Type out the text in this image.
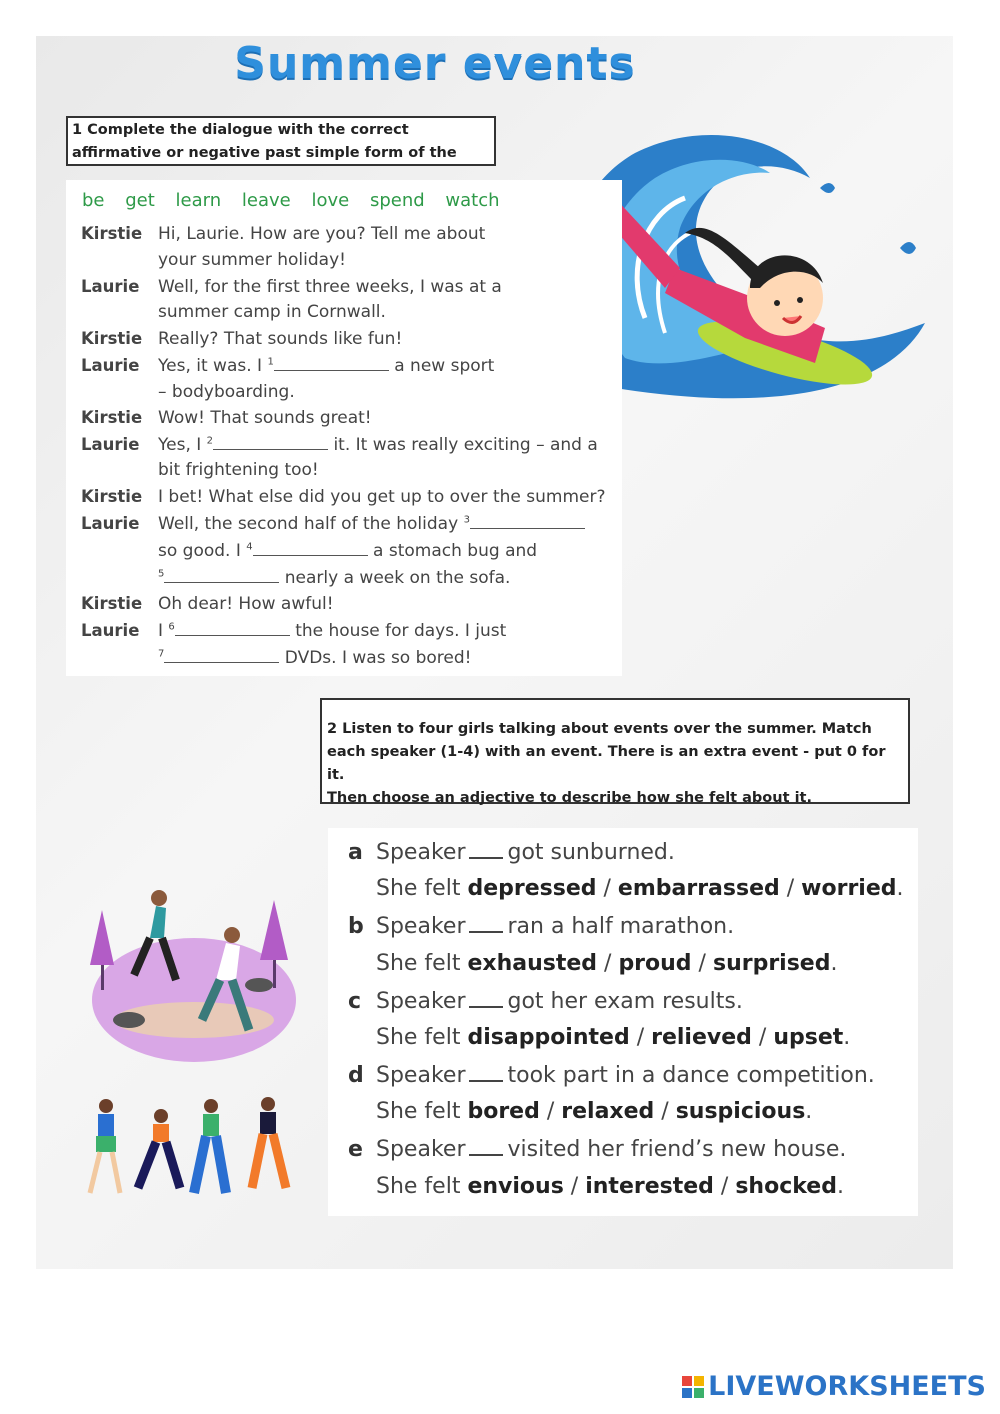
Summer events
1 Complete the dialogue with the correct
affirmative or negative past simple form of the
be get learn leave love spend watch
Kirstie Hi, Laurie. How are you? Tell me about
your summer holiday!
Laurie	Well, for the first three weeks, I was at a
summer camp in Cornwall.
Kirstie Really? That sounds like fun!
Laurie	Yes, it was. I $^1$	a new sport
– bodyboarding.
Kirstie Wow! That sounds great!
Laurie	Yes, I $^2$	it. It was really exciting – and a
bit frightening too!
Kirstie I bet! What else did you get up to over the summer?
Laurie	Well, the second half of the holiday $^3$
so good. I $^4$	a stomach bug and
$^5$	nearly a week on the sofa.
Kirstie Oh dear! How awful!
Laurie	I $^6$	the house for days. I just
$^7$	DVDs. I was so bored!
2 Listen to four girls talking about events over the summer. Match
each speaker (1-4) with an event. There is an extra event - put 0 for it.
Then choose an adjective to describe how she felt about it.
a Speaker got sunburned.
She felt depressed / embarrassed / worried.
b Speaker ran a half marathon.
She felt exhausted / proud / surprised.
c Speaker got her exam results.
She felt disappointed / relieved / upset.
d Speaker took part in a dance competition.
She felt bored / relaxed / suspicious.
e Speaker visited her friend’s new house.
She felt envious / interested / shocked.
LIVEWORKSHEETS
